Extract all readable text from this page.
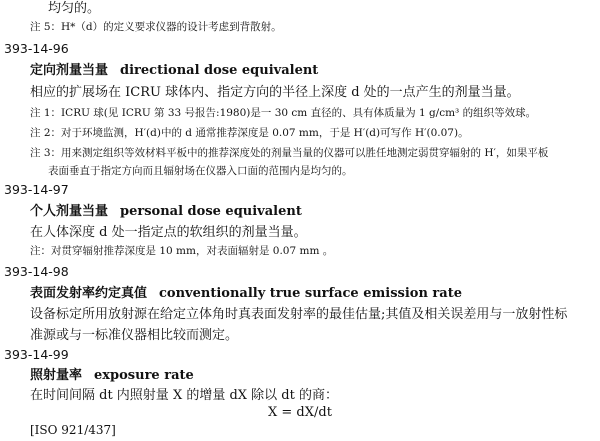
均匀的。
注 5：H*（d）的定义要求仪器的设计考虑到背散射。
393-14-96
定向剂量当量 directional dose equivalent
相应的扩展场在 ICRU 球体内、指定方向的半径上深度 d 处的一点产生的剂量当量。
注 1：ICRU 球(见 ICRU 第 33 号报告:1980)是一 30 cm 直径的、具有体质量为 1 g/cm³ 的组织等效球。
注 2：对于环境监测，H′(d)中的 d 通常推荐深度是 0.07 mm，于是 H′(d)可写作 H′(0.07)。
注 3：用来测定组织等效材料平板中的推荐深度处的剂量当量的仪器可以胜任地测定弱贯穿辐射的 H′，如果平板
表面垂直于指定方向而且辐射场在仪器入口面的范围内是均匀的。
393-14-97
个人剂量当量 personal dose equivalent
在人体深度 d 处一指定点的软组织的剂量当量。
注：对贯穿辐射推荐深度是 10 mm，对表面辐射是 0.07 mm 。
393-14-98
表面发射率约定真值 conventionally true surface emission rate
设备标定所用放射源在给定立体角时真表面发射率的最佳估量;其值及相关误差用与一放射性标
准源或与一标准仪器相比较而测定。
393-14-99
照射量率 exposure rate
在时间间隔 dt 内照射量 X 的增量 dX 除以 dt 的商：
X = dX/dt
[ISO 921/437]
